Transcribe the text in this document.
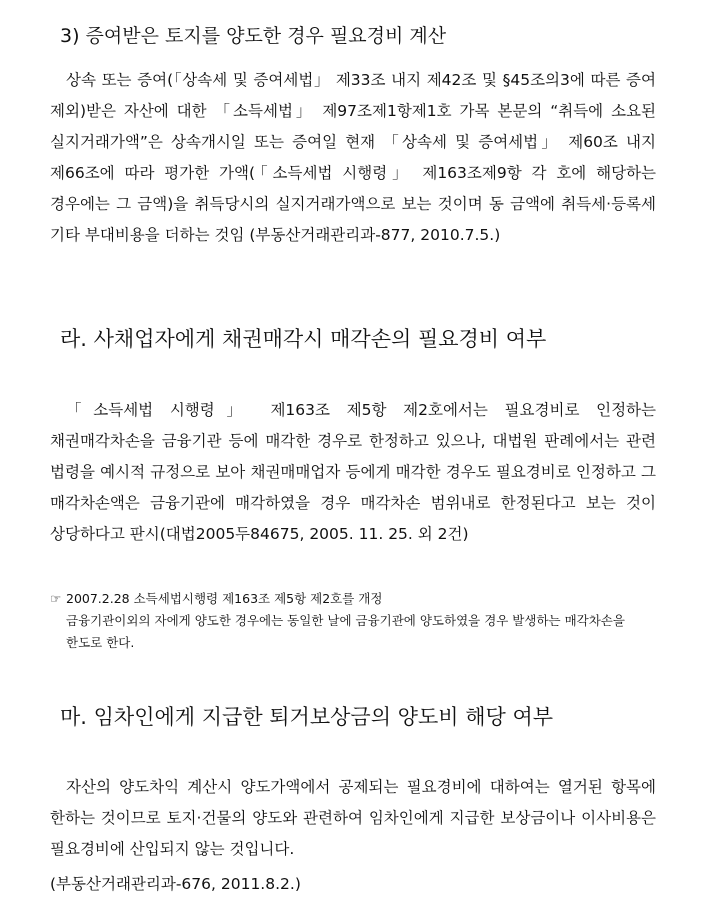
3) 증여받은 토지를 양도한 경우 필요경비 계산

상속 또는 증여(「상속세 및 증여세법」 제33조 내지 제42조 및 §45조의3에 따른 증여 제외)받은 자산에 대한 「소득세법」 제97조제1항제1호 가목 본문의 “취득에 소요된 실지거래가액”은 상속개시일 또는 증여일 현재 「상속세 및 증여세법」 제60조 내지 제66조에 따라 평가한 가액(「소득세법 시행령」 제163조제9항 각 호에 해당하는 경우에는 그 금액)을 취득당시의 실지거래가액으로 보는 것이며 동 금액에 취득세·등록세 기타 부대비용을 더하는 것임 (부동산거래관리과-877, 2010.7.5.)

라. 사채업자에게 채권매각시 매각손의 필요경비 여부

「소득세법 시행령」 제163조 제5항 제2호에서는 필요경비로 인정하는 채권매각차손을 금융기관 등에 매각한 경우로 한정하고 있으나, 대법원 판례에서는 관련 법령을 예시적 규정으로 보아 채권매매업자 등에게 매각한 경우도 필요경비로 인정하고 그 매각차손액은 금융기관에 매각하였을 경우 매각차손 범위내로 한정된다고 보는 것이 상당하다고 판시(대법2005두84675, 2005. 11. 25. 외 2건)

☞ 2007.2.28 소득세법시행령 제163조 제5항 제2호를 개정
금융기관이외의 자에게 양도한 경우에는 동일한 날에 금융기관에 양도하였을 경우 발생하는 매각차손을 한도로 한다.
마. 임차인에게 지급한 퇴거보상금의 양도비 해당 여부

자산의 양도차익 계산시 양도가액에서 공제되는 필요경비에 대하여는 열거된 항목에 한하는 것이므로 토지·건물의 양도와 관련하여 임차인에게 지급한 보상금이나 이사비용은 필요경비에 산입되지 않는 것입니다.

(부동산거래관리과-676, 2011.8.2.)
